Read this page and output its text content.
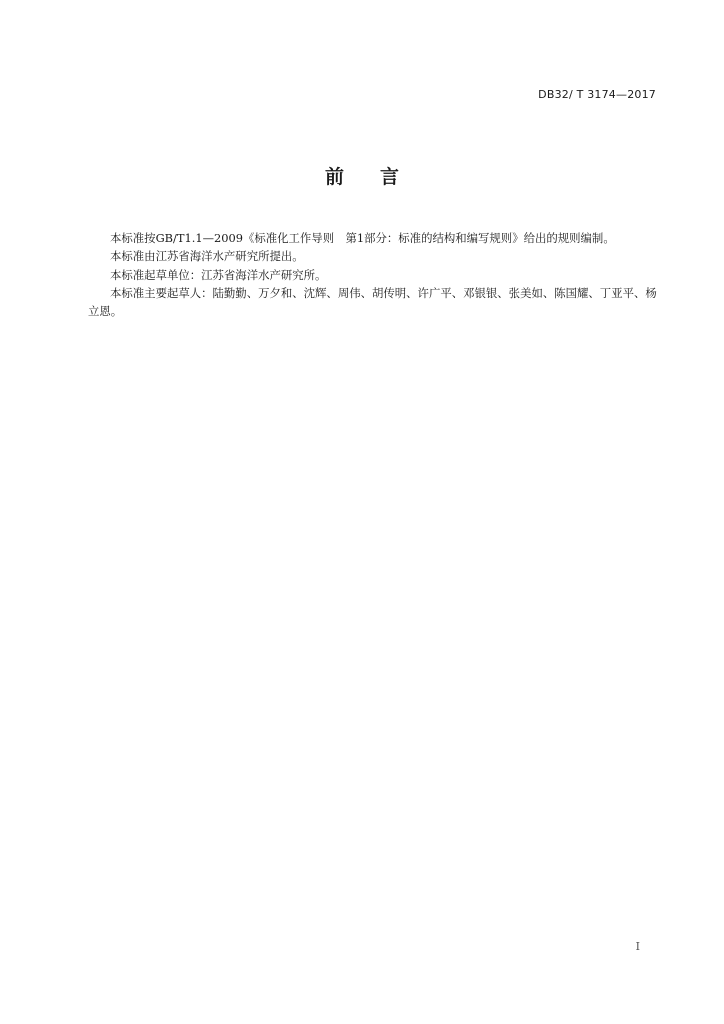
DB32/ T 3174—2017
前 言

本标准按GB/T1.1—2009《标准化工作导则　第1部分：标准的结构和编写规则》给出的规则编制。

本标准由江苏省海洋水产研究所提出。

本标准起草单位：江苏省海洋水产研究所。

本标准主要起草人：陆勤勤、万夕和、沈辉、周伟、胡传明、许广平、邓银银、张美如、陈国耀、丁亚平、杨立恩。

I
